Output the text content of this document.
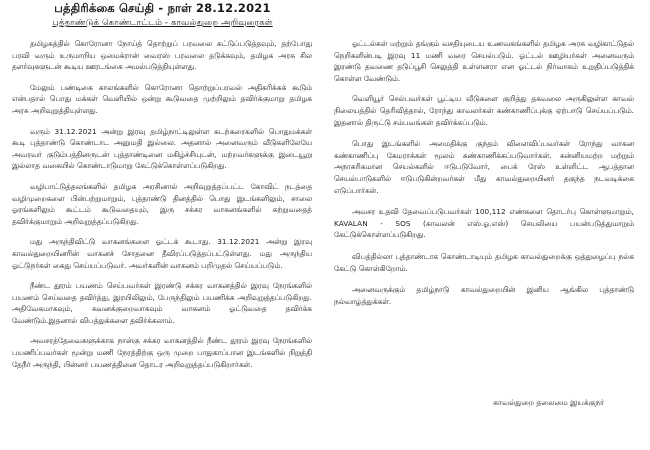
பத்திரிக்கை செய்தி - நாள் 28.12.2021
புத்தாண்டுக் கொண்டாட்டம் - காவல்துறை அறிவுரைகள்

தமிழகத்தில் கொரோனா நோய்த் தொற்றுப் பரவலை கட்டுப்படுத்தவும், தற்போது பரவி வரும் உருமாறிய ஒமைக்ரான் வைரஸ் பரவலை தடுக்கவும், தமிழக அரசு சில தளர்வுகளுடன் கூடிய ஊரடங்கை அமல்படுத்தியுள்ளது.

மேலும் பண்டிகை காலங்களில் கொரோனா தொற்றுப்பரவல் அதிகரிக்கக் கூடும் என்பதால் பொது மக்கள் வெளியில் ஒன்று கூடுவதை முற்றிலும் தவிர்க்குமாறு தமிழக அரசு அறிவுறுத்தியுள்ளது.

வரும் 31.12.2021 அன்று இரவு தமிழ்நாட்டிலுள்ள கடற்கரைகளில் பொதுமக்கள் கூடி புத்தாண்டு கொண்டாட அனுமதி இல்லை. அதனால் அனைவரும் வீடுகளிலேயே அவரவர் குடும்பத்தினருடன் புத்தாண்டினை மகிழ்ச்சியுடன், மற்றவர்களுக்கு இடையூறு இல்லாத வகையில் கொண்டாடுமாறு கேட்டுக்கொள்ளப்படுகிறது.

வழிபாட்டுத்தலங்களில் தமிழக அரசினால் அறிவுறுத்தப்பட்ட கோவிட் நடத்தை வழிமுறைகளை பின்பற்றுமாறும், புத்தாண்டு தினத்தில் பொது இடங்களிலும், சாலை ஓரங்களிலும் கூட்டம் கூடுவதையும், இரு சக்கர வாகனங்களில் சுற்றுவதைத் தவிர்க்குமாறும் அறிவுறுத்தப்படுகிறது.

மது அருந்திவிட்டு வாகனங்களை ஓட்டக் கூடாது. 31.12.2021 அன்று இரவு காவல்துறையினரின் வாகனச் சோதனை தீவிரப்படுத்தப்பட்டுள்ளது. மது அருந்திய ஓட்டுநர்கள் கைது செய்யப்படுவர். அவர்களின் வாகனம் பறிமுதல் செய்யப்படும்.

நீண்ட தூரம் பயணம் செய்பவர்கள் இரண்டு சக்கர வாகனத்தில் இரவு நேரங்களில் பயணம் செய்வதை தவிர்த்து, இரயிலிலும், பேருந்திலும் பயணிக்க அறிவுறுத்தப்படுகிறது. அதிவேகமாகவும், கவனக்குறைவாகவும் வாகனம் ஓட்டுவதை தவிர்க்க வேண்டும்.இதனால் விபத்துக்களை தவிர்க்கலாம்.

அவசரத்தேவைகளுக்காக நான்கு சக்கர வாகனத்தில் நீண்ட தூரம் இரவு நேரங்களில் பயணிப்பவர்கள் மூன்று மணி நேரத்திற்கு ஒரு முறை பாதுகாப்பான இடங்களில் நிறுத்தி தேநீர் அருந்தி, பின்னர் பயணத்தினை தொடர அறிவுறுத்தப்படுகிறார்கள்.

ஓட்டல்கள் மற்றும் தங்கும் வசதியுடைய உணவகங்களில் தமிழக அரசு வழிகாட்டுதல் நெறிகளின்படி இரவு 11 மணி வரை செயல்படும். ஓட்டல் ஊழியர்கள் அனைவரும் இரண்டு தவணை தடுப்பூசி செலுத்தி உள்ளனரா என ஓட்டல் நிர்வாகம் உறுதிப்படுத்திக் கொள்ள வேண்டும்.

வெளியூர் செல்பவர்கள் பூட்டிய வீடுகளை குறித்து தகவலை அருகிலுள்ள காவல் நிலையத்தில் தெரிவித்தால், ரோந்து காவலர்கள் கண்காணிப்புக்கு ஏற்பாடு செய்யப்படும். இதனால் திருட்டு சம்பவங்கள் தவிர்க்கப்படும்.

பொது இடங்களில் அமைதிக்கு குந்தம் விளைவிப்பவர்கள் ரோந்து வாகன கண்காணிப்பு கேமராக்கள் மூலம் கண்காணிக்கப்படுவார்கள். கன்னியமற்ற மற்றும் அநாகரிகமான செயல்களில் ஈடுபடுவோர், பைக் ரேஸ் உள்ளிட்ட ஆபத்தான செயல்பாடுகளில் ஈடுபடுகின்றவர்கள் மீது காவல்துறையினர் தகுந்த நடவடிக்கை எடுப்பார்கள்.

அவசர உதவி தேவைப்படுபவர்கள் 100,112 எண்களை தொடர்பு கொள்ளுமாறும், KAVALAN - SOS (காவலன் எஸ்.ஓ.எஸ்) செயலியை பயன்படுத்துமாறும் கேட்டுக்கொள்ளப்படுகிறது.

விபத்தில்லா புத்தாண்டாக கொண்டாடியும் தமிழக காவல்துறைக்கு ஒத்துழைப்பு நல்க கேட்டு கொள்கிறோம்.

அனைவருக்கும் தமிழ்நாடு காவல்துறையின் இனிய ஆங்கில புத்தாண்டு நல்வாழ்த்துக்கள்.

காவல்துறை தலைமை இயக்குநர்
